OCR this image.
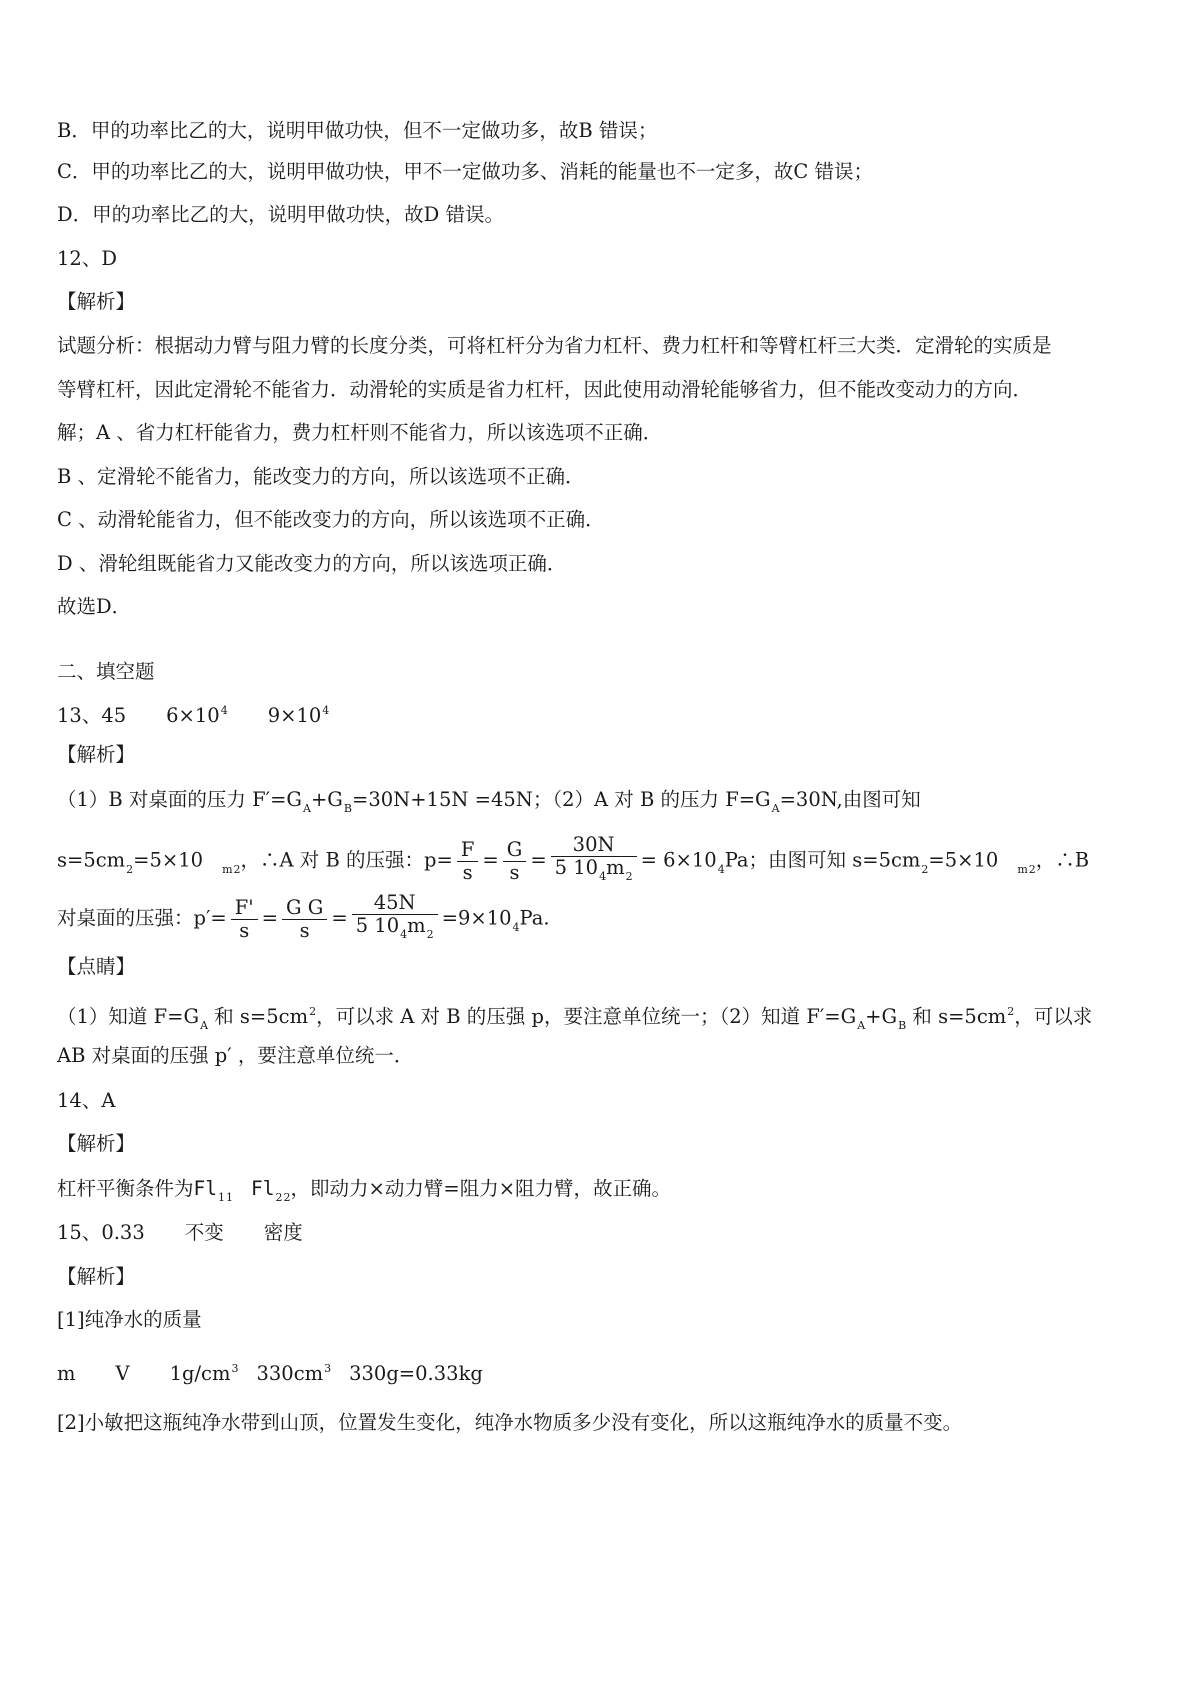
B．甲的功率比乙的大，说明甲做功快，但不一定做功多，故B 错误；
C．甲的功率比乙的大，说明甲做功快，甲不一定做功多、消耗的能量也不一定多，故C 错误；
D．甲的功率比乙的大，说明甲做功快，故D 错误。
12、D
【解析】
试题分析：根据动力臂与阻力臂的长度分类，可将杠杆分为省力杠杆、费力杠杆和等臂杠杆三大类．定滑轮的实质是
等臂杠杆，因此定滑轮不能省力．动滑轮的实质是省力杠杆，因此使用动滑轮能够省力，但不能改变动力的方向．
解；A 、省力杠杆能省力，费力杠杆则不能省力，所以该选项不正确．
B 、定滑轮不能省力，能改变力的方向，所以该选项不正确．
C 、动滑轮能省力，但不能改变力的方向，所以该选项不正确．
D 、滑轮组既能省力又能改变力的方向，所以该选项正确．
故选D．
二、填空题
13、45 $6\times 10^4$ $9\times 10^4$
【解析】
（1）B 对桌面的压力 $F'=G_A+G_B=30N+15N =45N$；（2）A 对 B 的压力 $F=G_A=30N$,由图可知
$s=5cm_2=5\times 10$ $_{m2}$，∴A 对 B 的压强：$p= \frac{F}{s} = \frac{G}{s} = \frac{30N}{5 10_4m_2} = 6\times 10_4Pa$；由图可知 $s=5cm_2=5\times 10$ $_{m2}$，∴B
对桌面的压强：$p'= \frac{F'}{s} = \frac{\text{G G}}{s} = \frac{45N}{5 10_4m_2} =9\times 10_4Pa$.
【点睛】
（1）知道 $F=G_A$ 和 $s=5cm^2$，可以求 A 对 B 的压强 p，要注意单位统一；（2）知道 $F'=G_A+G_B$ 和 $s=5cm^2$，可以求
AB 对桌面的压强 p′ ，要注意单位统一．
14、A
【解析】
杠杆平衡条件为$Fl_{11}$ $Fl_{22}$，即动力×动力臂=阻力×阻力臂，故正确。
15、0.33 不变 密度
【解析】
[1]纯净水的质量
m V $1g/cm^3$ $330cm^3$ 330g=0.33kg
[2]小敏把这瓶纯净水带到山顶，位置发生变化，纯净水物质多少没有变化，所以这瓶纯净水的质量不变。
